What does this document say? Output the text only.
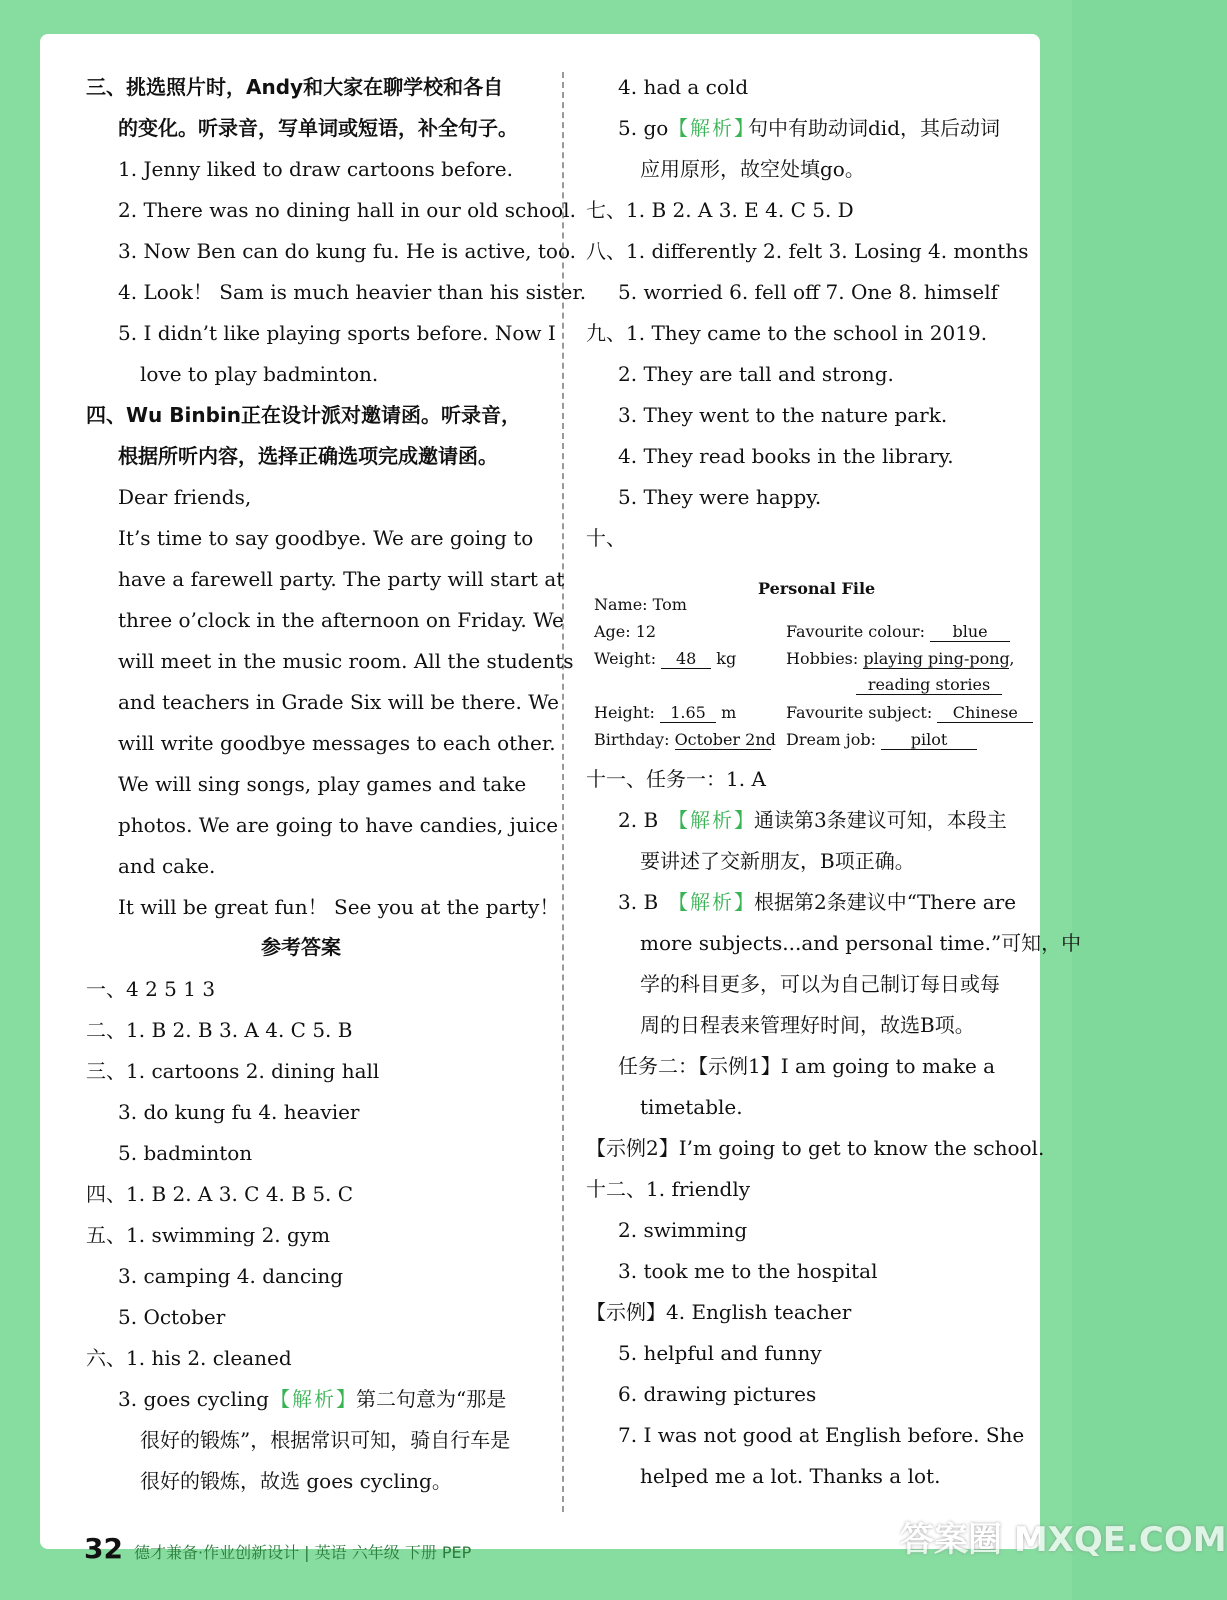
三、挑选照片时，Andy和大家在聊学校和各自
的变化。听录音，写单词或短语，补全句子。
1. Jenny liked to draw cartoons before.
2. There was no dining hall in our old school.
3. Now Ben can do kung fu. He is active, too.
4. Look！ Sam is much heavier than his sister.
5. I didn’t like playing sports before. Now I
love to play badminton.
四、Wu Binbin正在设计派对邀请函。听录音，
根据所听内容，选择正确选项完成邀请函。
Dear friends,
It’s time to say goodbye. We are going to
have a farewell party. The party will start at
three o’clock in the afternoon on Friday. We
will meet in the music room. All the students
and teachers in Grade Six will be there. We
will write goodbye messages to each other.
We will sing songs, play games and take
photos. We are going to have candies, juice
and cake.
It will be great fun！ See you at the party！
参考答案
一、4 2 5 1 3
二、1. B 2. B 3. A 4. C 5. B
三、1. cartoons 2. dining hall
3. do kung fu 4. heavier
5. badminton
四、1. B 2. A 3. C 4. B 5. C
五、1. swimming 2. gym
3. camping 4. dancing
5. October
六、1. his 2. cleaned
3. goes cycling 【解析】
第二句意为“那是
很好的锻炼”，根据常识可知，骑自行车是
很好的锻炼，故选 goes cycling。
4. had a cold
5. go 【解析】
句中有助动词did，其后动词
应用原形，故空处填go。
七、1. B 2. A 3. E 4. C 5. D
八、1. differently 2. felt 3. Losing 4. months
5. worried 6. fell off 7. One 8. himself
九、1. They came to the school in 2019.
2. They are tall and strong.
3. They went to the nature park.
4. They read books in the library.
5. They were happy.
十、
十一、任务一：1. A
2. B 【解析】
通读第3条建议可知，本段主
要讲述了交新朋友，B项正确。
3. B 【解析】
根据第2条建议中“There are
more subjects...and personal time.”可知，中
学的科目更多，可以为自己制订每日或每
周的日程表来管理好时间，故选B项。
任务二：【示例1】I am going to make a
timetable.
【示例2】I’m going to get to know the school.
十二、1. friendly
2. swimming
3. took me to the hospital
【示例】4. English teacher
5. helpful and funny
6. drawing pictures
7. I was not good at English before. She
helped me a lot. Thanks a lot.
Personal File
Name: Tom
Age: 12
Weight: 48 kg
Height: 1.65 m
Birthday: October 2nd
Favourite colour: blue
Hobbies: playing ping-pong,
reading stories
Favourite subject: Chinese
Dream job: pilot
32 德才兼备·作业创新设计 | 英语 六年级 下册 PEP	答案圈 MXQE.COM
